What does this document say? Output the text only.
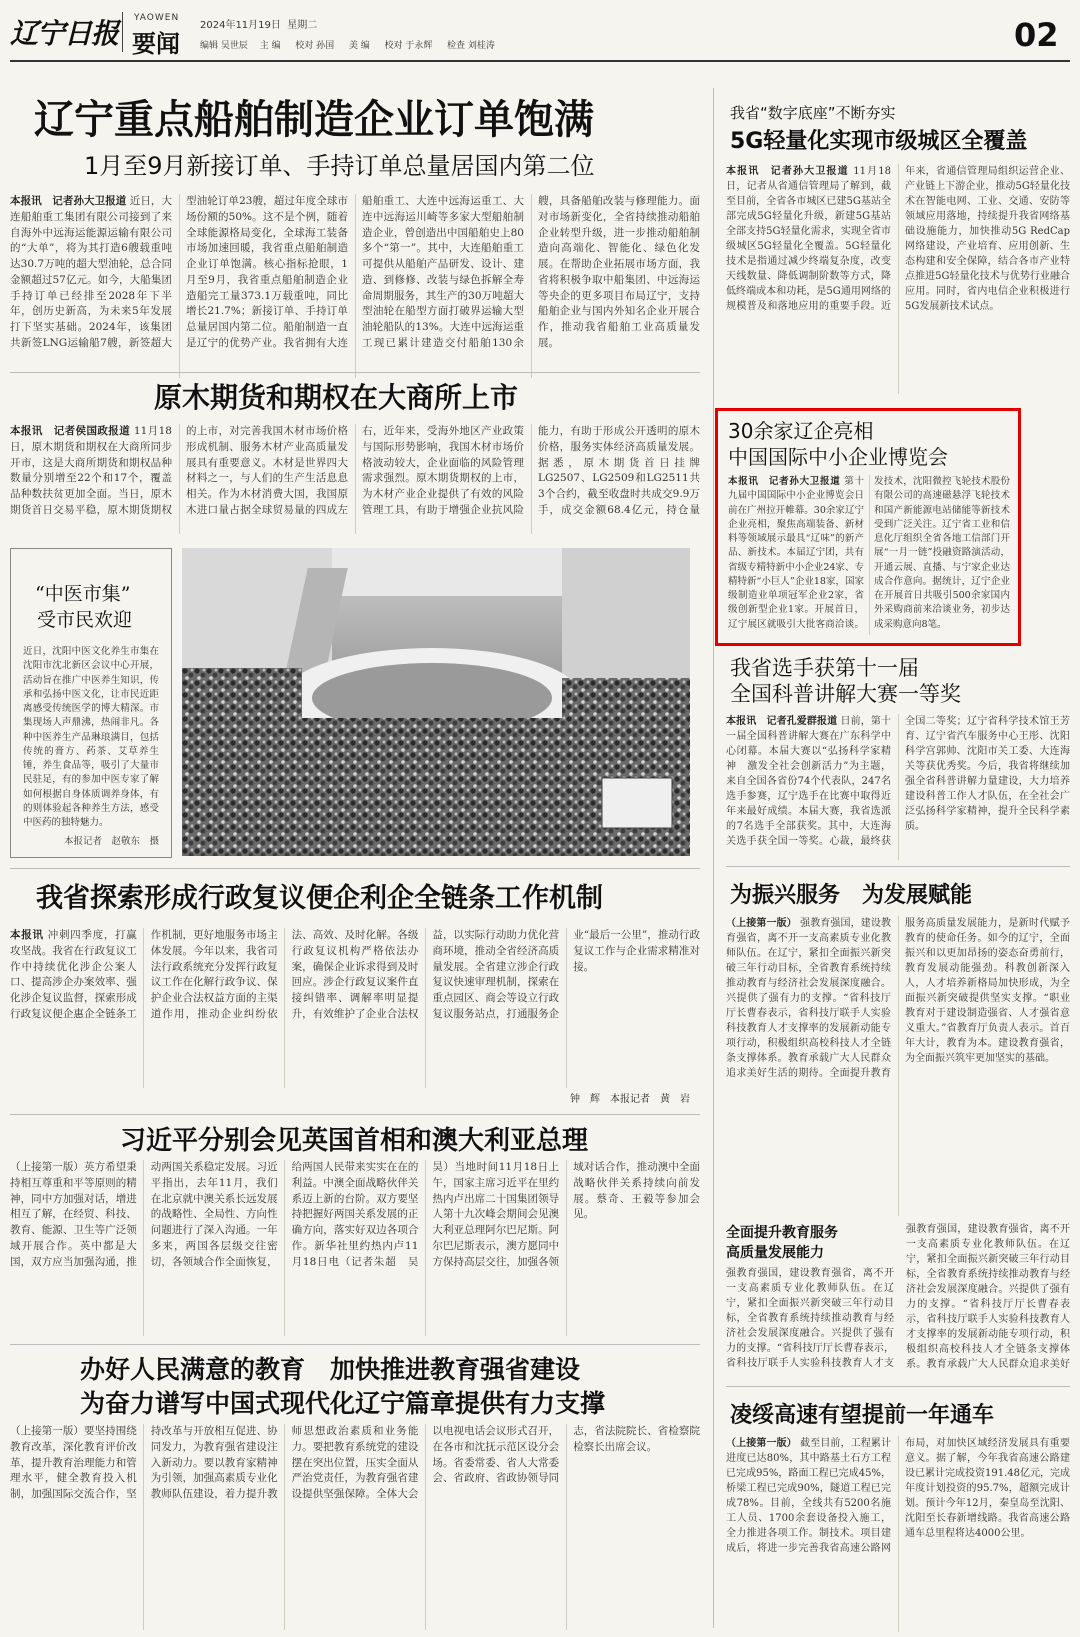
辽宁日报 YAOWEN
要闻
2024年11月19日 星期二
编辑 吴世辰　 主 编 　 校对 孙国 　 美 编 　 校对 于永辉 　 检查 刘桂涛	02
辽宁重点船舶制造企业订单饱满
1月至9月新接订单、手持订单总量居国内第二位
本报讯　记者孙大卫报道 近日，大连船舶重工集团有限公司接到了来自海外中远海运能源运输有限公司的“大单”，将为其打造6艘载重吨达30.7万吨的超大型油轮，总合同金额超过57亿元。如今，大船集团手持订单已经排至2028年下半年，创历史新高，为未来5年发展打下坚实基础。2024年，该集团共新签LNG运输船7艘，新签超大型油轮订单23艘，超过年度全球市场份额的50%。这不是个例，随着全球能源格局变化，全球海工装备市场加速回暖，我省重点船舶制造企业订单饱满。核心指标抢眼，1月至9月，我省重点船舶制造企业造船完工量373.1万载重吨，同比增长21.7%；新接订单、手持订单总量居国内第二位。船舶制造一直是辽宁的优势产业。我省拥有大连船舶重工、大连中远海运重工、大连中远海运川崎等多家大型船舶制造企业，曾创造出中国船舶史上80多个“第一”。其中，大连船舶重工可提供从船舶产品研发、设计、建造、到修修、改装与绿色拆解全寿命周期服务，其生产的30万吨超大型油轮在船型方面打破界运输大型油轮船队的13%。大连中远海运重工现已累计建造交付船舶130余艘，具备船舶改装与修理能力。面对市场新变化，全省持续推动船舶企业转型升级，进一步推动船舶制造向高端化、智能化、绿色化发展。在帮助企业拓展市场方面，我省将积极争取中船集团、中远海运等央企的更多项目布局辽宁，支持船舶企业与国内外知名企业开展合作，推动我省船舶工业高质量发展。
我省“数字底座”不断夯实
5G轻量化实现市级城区全覆盖
本报讯　记者孙大卫报道 11月18日，记者从省通信管理局了解到，截至目前，全省各市城区已建5G基站全部完成5G轻量化升级，新建5G基站全部支持5G轻量化需求，实现全省市级城区5G轻量化全覆盖。5G轻量化技术是指通过减少终端复杂度，改变天线数量、降低调制阶数等方式，降低终端成本和功耗，是5G通用网络的规模普及和落地应用的重要手段。近年来，省通信管理局组织运营企业、产业链上下游企业，推动5G轻量化技术在智能电网、工业、交通、安防等领域应用落地，持续提升我省网络基础设施能力，加快推动5G RedCap网络建设，产业培育、应用创新、生态构建和安全保障，结合各市产业特点推进5G轻量化技术与优势行业融合应用。同时，省内电信企业积极进行5G发展新技术试点。
原木期货和期权在大商所上市
本报讯　记者侯国政报道 11月18日，原木期货和期权在大商所同步开市，这是大商所期货和期权品种数量分别增至22个和17个，覆盖品种数扶贫更加全面。当日，原木期货首日交易平稳，原木期货期权的上市，对完善我国木材市场价格形成机制、服务木材产业高质量发展具有重要意义。木材是世界四大材料之一，与人们的生产生活息息相关。作为木材消费大国，我国原木进口量占据全球贸易量的四成左右，近年来，受海外地区产业政策与国际形势影响，我国木材市场价格波动较大，企业面临的风险管理需求强烈。原木期货期权的上市，为木材产业企业提供了有效的风险管理工具，有助于增强企业抗风险能力，有助于形成公开透明的原木价格，服务实体经济高质量发展。据悉，原木期货首日挂牌LG2507、LG2509和LG2511共3个合约，截至收盘时共成交9.9万手，成交金额68.4亿元，持仓量
30余家辽企亮相
中国国际中小企业博览会
本报讯　记者孙大卫报道 第十九届中国国际中小企业博览会日前在广州拉开帷幕。30余家辽宁企业亮相，聚焦高端装备、新材料等领域展示最具“辽味”的新产品、新技术。本届辽宁团，共有省级专精特新中小企业24家、专精特新“小巨人”企业18家，国家级制造业单项冠军企业2家，省级创新型企业1家。开展首日，辽宁展区就吸引大批客商洽谈。发技术，沈阳微控飞轮技术股份有限公司的高速磁悬浮飞轮技术和国产新能源电站储能等新技术受到广泛关注。辽宁省工业和信息化厅组织全省各地工信部门开展“一月一链”投融资路演活动，开通云展、直播、与宁家企业达成合作意向。据统计，辽宁企业在开展首日共吸引500余家国内外采购商前来洽谈业务，初步达成采购意向8笔。
我省选手获第十一届
全国科普讲解大赛一等奖
本报讯　记者孔爱群报道 日前，第十一届全国科普讲解大赛在广东科学中心闭幕。本届大赛以“弘扬科学家精神　激发全社会创新活力”为主题，来自全国各省份74个代表队，247名选手参赛，辽宁选手在比赛中取得近年来最好成绩。本届大赛，我省选派的7名选手全部获奖。其中，大连海关选手获全国一等奖。心裁，最终获全国二等奖；辽宁省科学技术馆王芳育、辽宁省汽车服务中心王彤、沈阳科学宫郭帅、沈阳市关工委、大连海关等获优秀奖。今后，我省将继续加强全省科普讲解力量建设，大力培养建设科普工作人才队伍，在全社会广泛弘扬科学家精神，提升全民科学素质。
“中医市集”
受市民欢迎
近日，沈阳中医文化养生市集在沈阳市沈北新区会议中心开展，活动旨在推广中医养生知识，传承和弘扬中医文化，让市民近距离感受传统医学的博大精深。市集现场人声鼎沸，热闹非凡。各种中医养生产品琳琅满目，包括传统的膏方、药茶、艾草养生锤，养生食品等，吸引了大量市民驻足，有的参加中医专家了解如何根据自身体质调养身体，有的则体验起各种养生方法，感受中医药的独特魅力。
本报记者　赵敬东　摄
我省探索形成行政复议便企利企全链条工作机制
本报讯 冲刺四季度，打赢攻坚战。我省在行政复议工作中持续优化涉企公案人口、提高涉企办案效率、强化涉企复议监督，探索形成行政复议便企惠企全链条工作机制，更好地服务市场主体发展。今年以来，我省司法行政系统充分发挥行政复议工作在化解行政争议、保护企业合法权益方面的主渠道作用，推动企业纠纷依法、高效、及时化解。各级行政复议机构严格依法办案，确保企业诉求得到及时回应。涉企行政复议案件直接纠错率、调解率明显提升，有效维护了企业合法权益，以实际行动助力优化营商环境，推动全省经济高质量发展。全省建立涉企行政复议快速审理机制，探索在重点园区、商会等设立行政复议服务站点，打通服务企业“最后一公里”，推动行政复议工作与企业需求精准对接。
钟　辉　本报记者　黄　岩
习近平分别会见英国首相和澳大利亚总理
（上接第一版）英方希望秉持相互尊重和平等原则的精神，同中方加强对话，增进相互了解，在经贸、科技、教育、能源、卫生等广泛领域开展合作。英中都是大国，双方应当加强沟通，推动两国关系稳定发展。习近平指出，去年11月，我们在北京就中澳关系长远发展的战略性、全局性、方向性问题进行了深入沟通。一年多来，两国各层级交往密切，各领域合作全面恢复，给两国人民带来实实在在的利益。中澳全面战略伙伴关系迈上新的台阶。双方要坚持把握好两国关系发展的正确方向，落实好双边各项合作。新华社里约热内卢11月18日电（记者朱超　吴昊）当地时间11月18日上午，国家主席习近平在里约热内卢出席二十国集团领导人第十九次峰会期间会见澳大利亚总理阿尔巴尼斯。阿尔巴尼斯表示，澳方愿同中方保持高层交往，加强各领域对话合作，推动澳中全面战略伙伴关系持续向前发展。蔡奇、王毅等参加会见。
办好人民满意的教育　加快推进教育强省建设
为奋力谱写中国式现代化辽宁篇章提供有力支撑
（上接第一版）要坚持围绕教育改革，深化教育评价改革，提升教育治理能力和管理水平，健全教育投入机制，加强国际交流合作，坚持改革与开放相互促进、协同发力，为教育强省建设注入新动力。要以教育家精神为引领，加强高素质专业化教师队伍建设，着力提升教师思想政治素质和业务能力。要把教育系统党的建设摆在突出位置，压实全面从严治党责任，为教育强省建设提供坚强保障。全体大会以电视电话会议形式召开，在各市和沈抚示范区设分会场。省委常委、省人大常委会、省政府、省政协领导同志，省法院院长、省检察院检察长出席会议。
为振兴服务　为发展赋能
（上接第一版） 强教育强国，建设教育强省，离不开一支高素质专业化教师队伍。在辽宁，紧扣全面振兴新突破三年行动目标，全省教育系统持续推动教育与经济社会发展深度融合。兴提供了强有力的支撑。“省科技厅厅长曹春表示，省科技厅联手人实验科技教育人才支撑率的发展新动能专项行动，积极组织高校科技人才全链条支撑体系。教育承载广大人民群众追求美好生活的期待。全面提升教育服务高质量发展能力，是新时代赋予教育的使命任务。如今的辽宁，全面振兴和以更加昂扬的姿态奋勇前行，教育发展动能强劲。科教创新深入人，人才培养新格局加快形成，为全面振兴新突破提供坚实支撑。“职业教育对于建设制造强省、人才强省意义重大。”省教育厅负责人表示。首百年大计，教育为本。建设教育强省，为全面振兴筑牢更加坚实的基础。
全面提升教育服务
高质量发展能力
强教育强国，建设教育强省，离不开一支高素质专业化教师队伍。在辽宁，紧扣全面振兴新突破三年行动目标，全省教育系统持续推动教育与经济社会发展深度融合。兴提供了强有力的支撑。“省科技厅厅长曹春表示，省科技厅联手人实验科技教育人才支
强教育强国，建设教育强省，离不开一支高素质专业化教师队伍。在辽宁，紧扣全面振兴新突破三年行动目标，全省教育系统持续推动教育与经济社会发展深度融合。兴提供了强有力的支撑。“省科技厅厅长曹春表示，省科技厅联手人实验科技教育人才支撑率的发展新动能专项行动，积极组织高校科技人才全链条支撑体系。教育承载广大人民群众追求美好
凌绥高速有望提前一年通车
（上接第一版） 截至目前，工程累计进度已达80%，其中路基土石方工程已完成95%，路面工程已完成45%，桥梁工程已完成90%，隧道工程已完成78%。目前，全线共有5200名施工人员、1700余套设备投入施工，全力推进各项工作。制技术。项目建成后，将进一步完善我省高速公路网布局，对加快区域经济发展具有重要意义。据了解，今年我省高速公路建设已累计完成投资191.48亿元，完成年度计划投资的95.7%，超额完成计划。预计今年12月，秦皇岛至沈阳、沈阳至长春新增线路。我省高速公路通车总里程将达4000公里。
